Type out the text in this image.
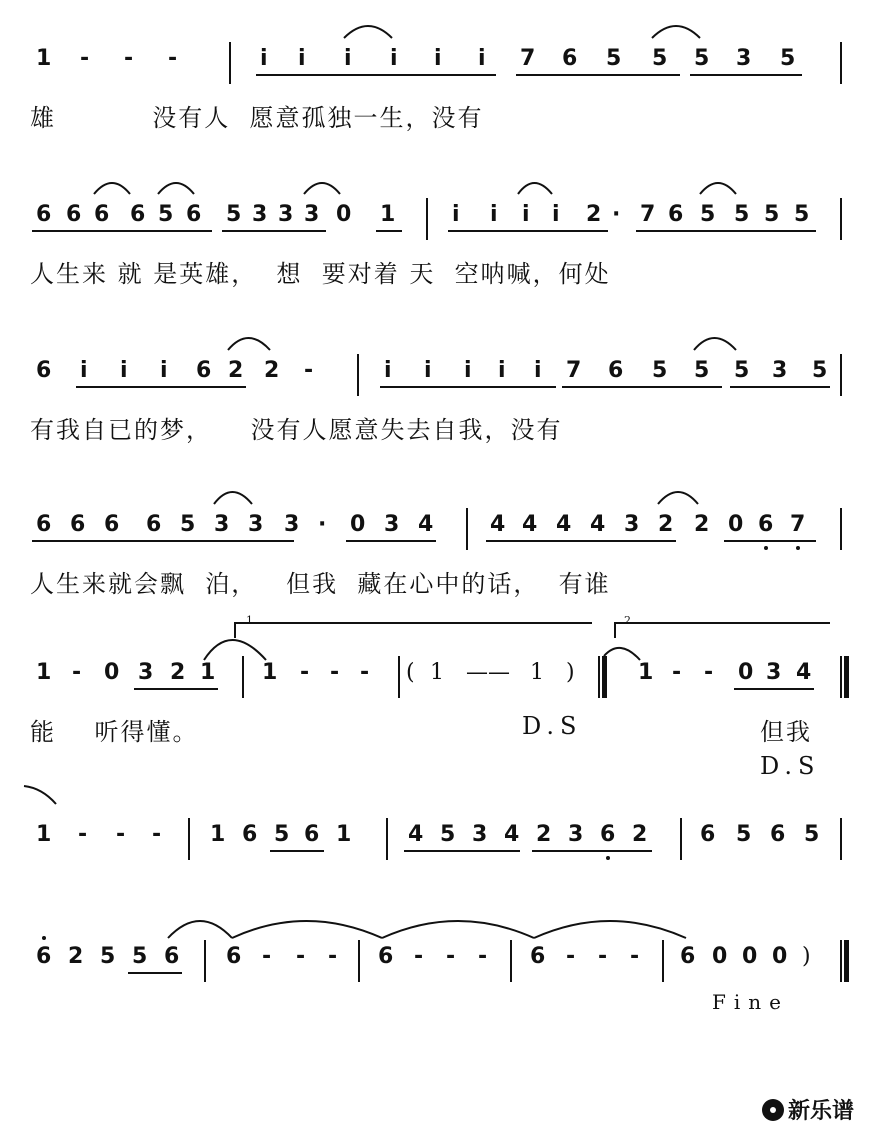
1 - - -	i i i i i i 7 6 5 5 5 3 5
雄          没有人  愿意孤独一生，没有
6 6 6 6 5 6 5 3 3 3 0 1	i i i i 2 · 7 6 5 5 5 5
人生来 就 是英雄，  想  要对着 天  空呐喊，何处
6 i i i 6 2 2 -	i i i i i 7 6 5 5 5 3 5
有我自已的梦，    没有人愿意失去自我，没有
6 6 6 6 5 3 3 3 · 0 3 4	4 4 4 4 3 2 2 0 6 7
人生来就会飘  泊，   但我  藏在心中的话，  有谁
1	2
1 - 0 3 2 1 1 - - - ( 1 —— 1 )	1 - - 0 3 4
能    听得懂。	D.S	但我
D.S
1 - - - 1 6 5 6 1	4 5 3 4 2 3 6 2 6 5 6 5
6 2 5 5 6 6 - - - 6 - - - 6 - - - 6 0 0 0 )
Fine
新乐谱
